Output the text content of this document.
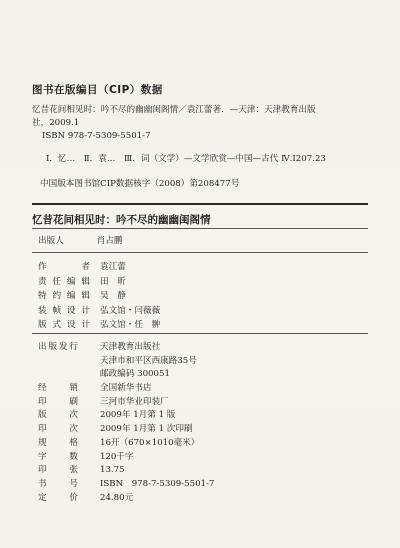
图书在版编目（CIP）数据
忆昔花间相见时：吟不尽的幽幽闺阁情／袁江蕾著．—天津：天津教育出版
社，2009.1
ISBN 978-7-5309-5501-7
Ⅰ．忆…　Ⅱ．袁…　Ⅲ．词（文学）—文学欣赏—中国—古代 Ⅳ.I207.23
中国版本图书馆CIP数据核字（2008）第208477号
忆昔花间相见时：吟不尽的幽幽闺阁情
出版人	肖占鹏
作　者 袁江蕾
责任编辑 田　昕
特约编辑 吴　静
装帧设计 弘文馆・闫薇薇
版式设计 弘文馆・任　翀
出版发行	天津教育出版社
天津市和平区西康路35号
邮政编码 300051
经　销	全国新华书店
印　刷	三河市华业印装厂
版　次	2009年 1月第 1 版
印　次	2009年 1月第 1 次印刷
规　格	16开（670×1010毫米）
字　数	120千字
印　张	13.75
书　号	ISBN　978-7-5309-5501-7
定　价	24.80元
